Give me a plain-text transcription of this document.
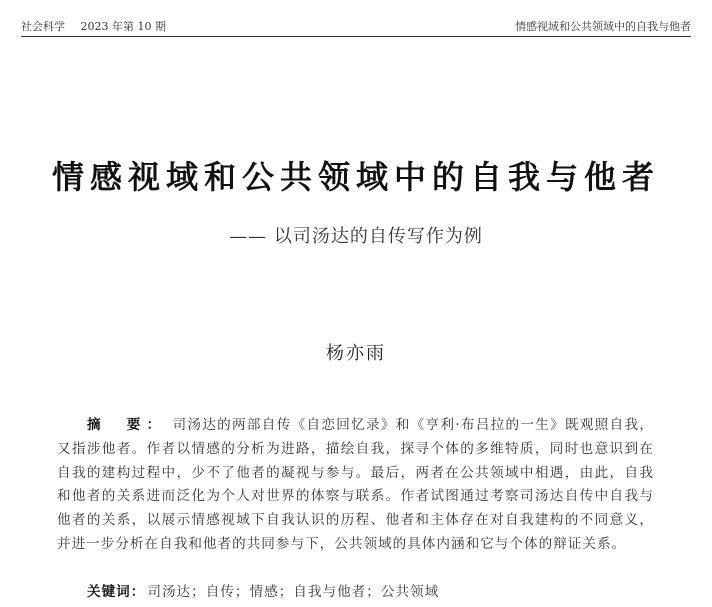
社会科学 2023 年第 10 期	情感视域和公共领域中的自我与他者
情感视域和公共领域中的自我与他者
—— 以司汤达的自传写作为例
杨亦雨
摘　要： 司汤达的两部自传《自恋回忆录》和《亨利·布吕拉的一生》既观照自我，又指涉他者。作者以情感的分析为进路，描绘自我，探寻个体的多维特质，同时也意识到在自我的建构过程中，少不了他者的凝视与参与。最后，两者在公共领域中相遇，由此，自我和他者的关系进而泛化为个人对世界的体察与联系。作者试图通过考察司汤达自传中自我与他者的关系，以展示情感视域下自我认识的历程、他者和主体存在对自我建构的不同意义，并进一步分析在自我和他者的共同参与下，公共领域的具体内涵和它与个体的辩证关系。
关键词： 司汤达；自传；情感；自我与他者；公共领域
